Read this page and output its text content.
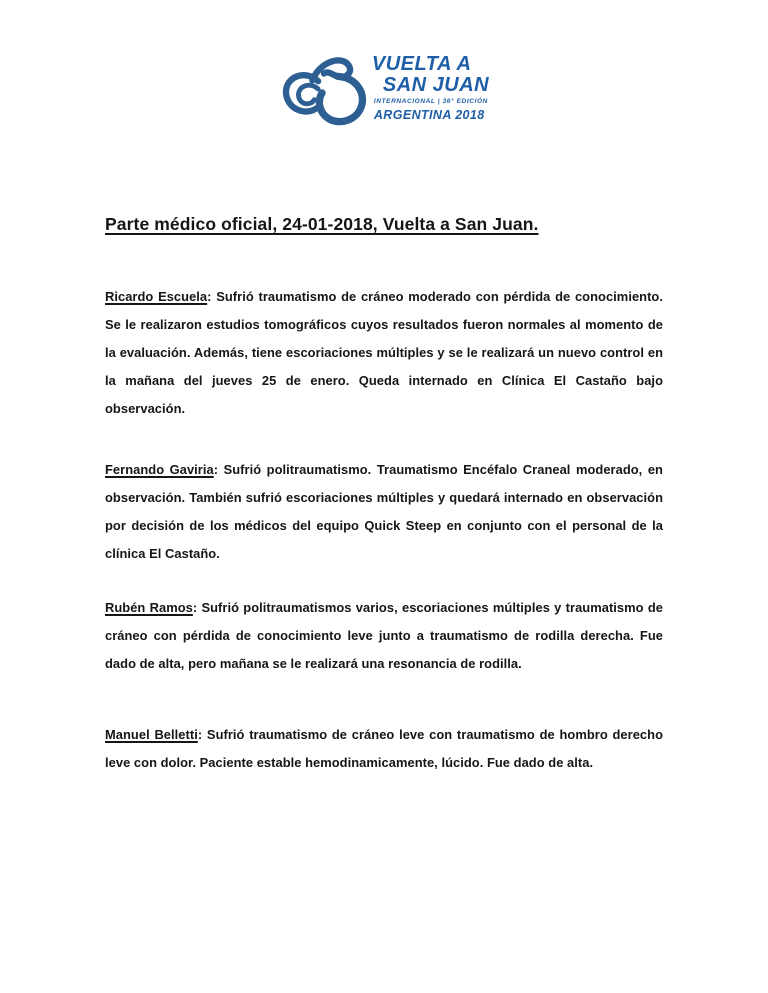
VUELTA A
SAN JUAN
INTERNACIONAL | 36° EDICIÓN
ARGENTINA 2018
Parte médico oficial, 24-01-2018, Vuelta a San Juan.

Ricardo Escuela: Sufrió traumatismo de cráneo moderado con pérdida de conocimiento. Se le realizaron estudios tomográficos cuyos resultados fueron normales al momento de la evaluación. Además, tiene escoriaciones múltiples y se le realizará un nuevo control en la mañana del jueves 25 de enero. Queda internado en Clínica El Castaño bajo observación.

Fernando Gaviria: Sufrió politraumatismo. Traumatismo Encéfalo Craneal moderado, en observación. También sufrió escoriaciones múltiples y quedará internado en observación por decisión de los médicos del equipo Quick Steep en conjunto con el personal de la clínica El Castaño.

Rubén Ramos: Sufrió politraumatismos varios, escoriaciones múltiples y traumatismo de cráneo con pérdida de conocimiento leve junto a traumatismo de rodilla derecha. Fue dado de alta, pero mañana se le realizará una resonancia de rodilla.

Manuel Belletti: Sufrió traumatismo de cráneo leve con traumatismo de hombro derecho leve con dolor. Paciente estable hemodinamicamente, lúcido. Fue dado de alta.
